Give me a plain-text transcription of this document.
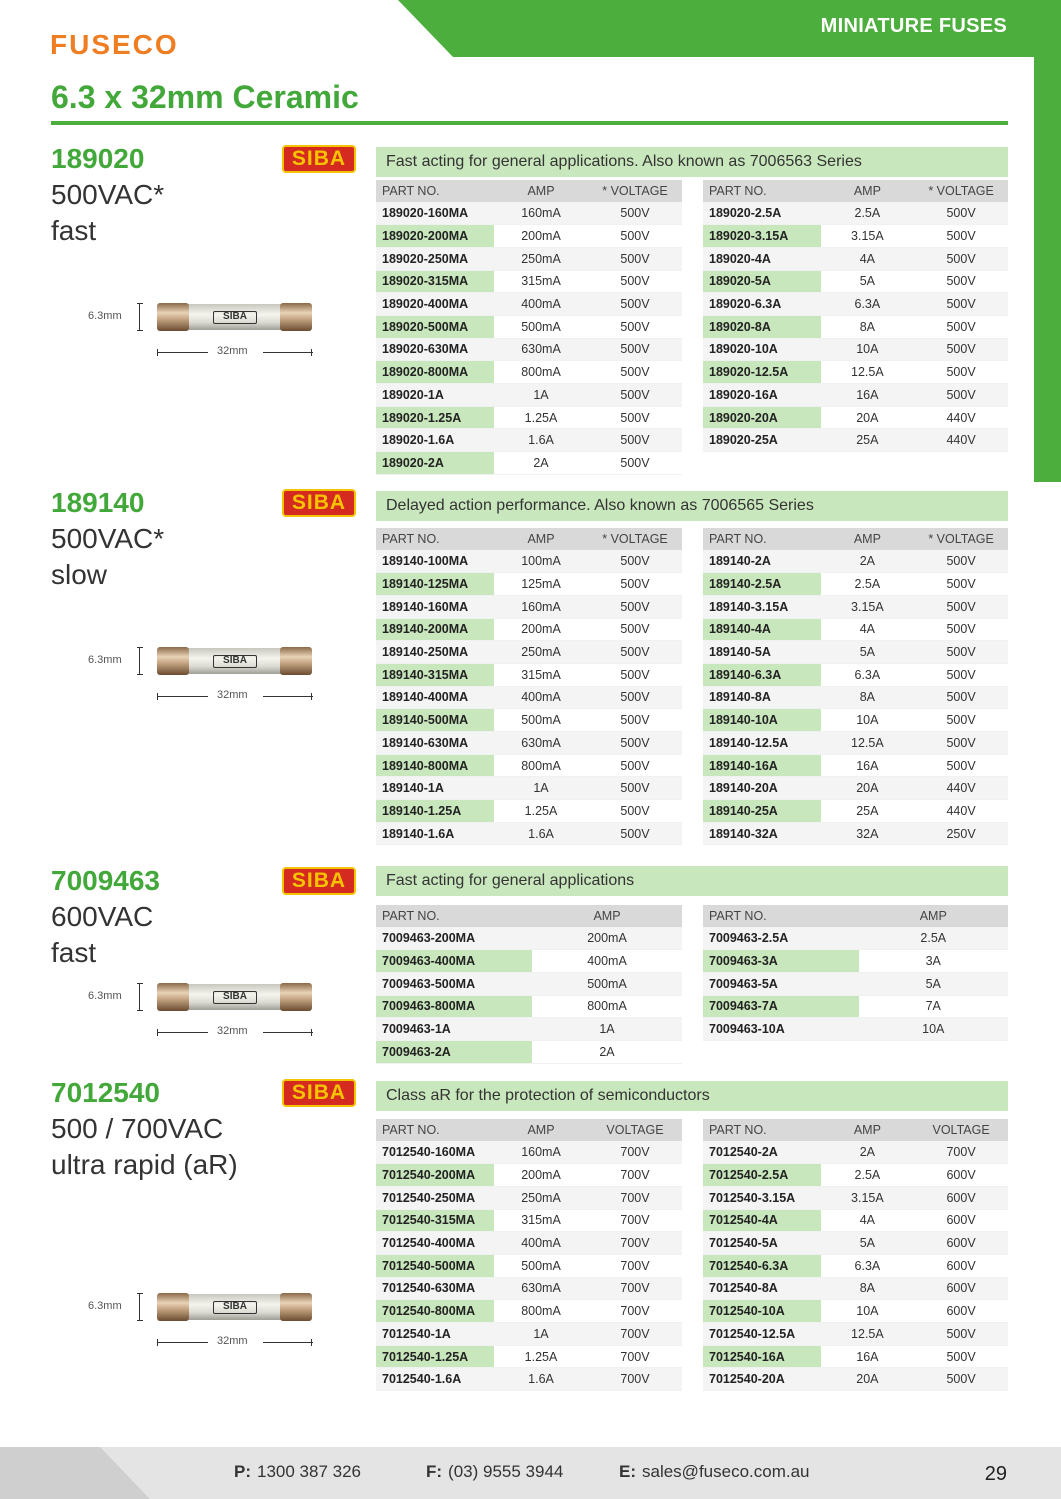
MINIATURE FUSES
FUSECO
6.3 x 32mm Ceramic
189020
500VAC*
fast
SIBA	Fast acting for general applications. Also known as 7006563 Series
6.3mm	SIBA
32mm
PART NO.	AMP	* VOLTAGE
189020-160MA	160mA	500V
189020-200MA	200mA	500V
189020-250MA	250mA	500V
189020-315MA	315mA	500V
189020-400MA	400mA	500V
189020-500MA	500mA	500V
189020-630MA	630mA	500V
189020-800MA	800mA	500V
189020-1A	1A	500V
189020-1.25A	1.25A	500V
189020-1.6A	1.6A	500V
189020-2A	2A	500V
PART NO.	AMP	* VOLTAGE
189020-2.5A	2.5A	500V
189020-3.15A	3.15A	500V
189020-4A	4A	500V
189020-5A	5A	500V
189020-6.3A	6.3A	500V
189020-8A	8A	500V
189020-10A	10A	500V
189020-12.5A	12.5A	500V
189020-16A	16A	500V
189020-20A	20A	440V
189020-25A	25A	440V
189140
500VAC*
slow
SIBA	Delayed action performance. Also known as 7006565 Series
6.3mm	SIBA
32mm
PART NO.	AMP	* VOLTAGE
189140-100MA	100mA	500V
189140-125MA	125mA	500V
189140-160MA	160mA	500V
189140-200MA	200mA	500V
189140-250MA	250mA	500V
189140-315MA	315mA	500V
189140-400MA	400mA	500V
189140-500MA	500mA	500V
189140-630MA	630mA	500V
189140-800MA	800mA	500V
189140-1A	1A	500V
189140-1.25A	1.25A	500V
189140-1.6A	1.6A	500V
PART NO.	AMP	* VOLTAGE
189140-2A	2A	500V
189140-2.5A	2.5A	500V
189140-3.15A	3.15A	500V
189140-4A	4A	500V
189140-5A	5A	500V
189140-6.3A	6.3A	500V
189140-8A	8A	500V
189140-10A	10A	500V
189140-12.5A	12.5A	500V
189140-16A	16A	500V
189140-20A	20A	440V
189140-25A	25A	440V
189140-32A	32A	250V
7009463
600VAC
fast
SIBA	Fast acting for general applications
6.3mm	SIBA
32mm
PART NO.	AMP
7009463-200MA	200mA
7009463-400MA	400mA
7009463-500MA	500mA
7009463-800MA	800mA
7009463-1A	1A
7009463-2A	2A
PART NO.	AMP
7009463-2.5A	2.5A
7009463-3A	3A
7009463-5A	5A
7009463-7A	7A
7009463-10A	10A
7012540
500 / 700VAC
ultra rapid (aR)
SIBA	Class aR for the protection of semiconductors
6.3mm	SIBA
32mm
PART NO.	AMP	VOLTAGE
7012540-160MA	160mA	700V
7012540-200MA	200mA	700V
7012540-250MA	250mA	700V
7012540-315MA	315mA	700V
7012540-400MA	400mA	700V
7012540-500MA	500mA	700V
7012540-630MA	630mA	700V
7012540-800MA	800mA	700V
7012540-1A	1A	700V
7012540-1.25A	1.25A	700V
7012540-1.6A	1.6A	700V
PART NO.	AMP	VOLTAGE
7012540-2A	2A	700V
7012540-2.5A	2.5A	600V
7012540-3.15A	3.15A	600V
7012540-4A	4A	600V
7012540-5A	5A	600V
7012540-6.3A	6.3A	600V
7012540-8A	8A	600V
7012540-10A	10A	600V
7012540-12.5A	12.5A	500V
7012540-16A	16A	500V
7012540-20A	20A	500V
P: 1300 387 326	F: (03) 9555 3944	E: sales@fuseco.com.au	29
